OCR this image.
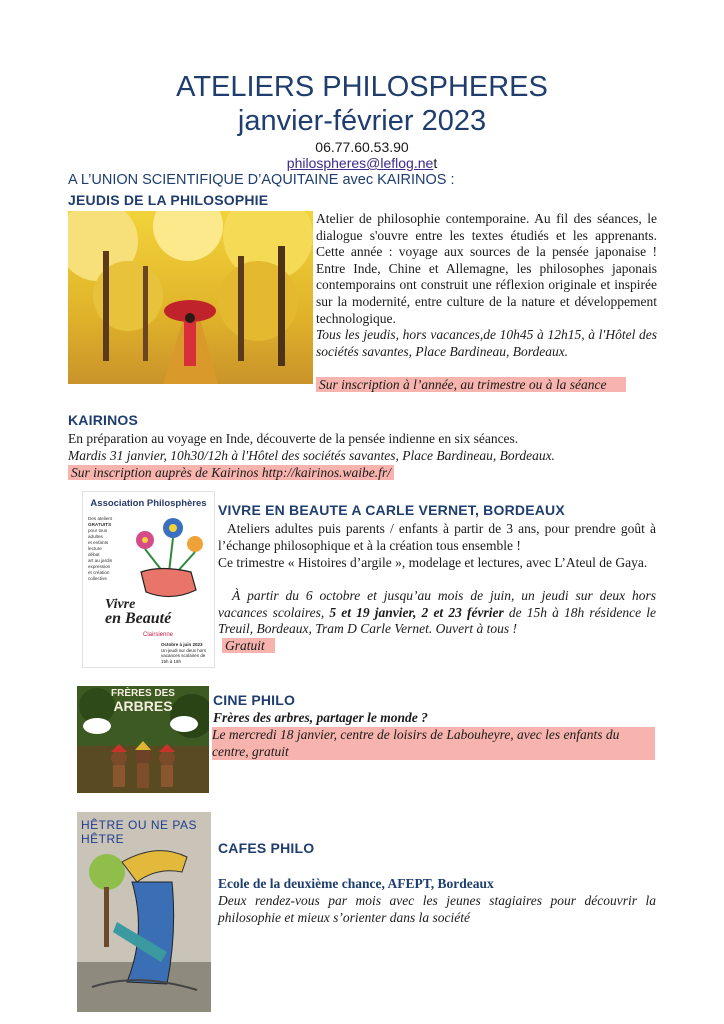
ATELIERS PHILOSPHERES
janvier-février 2023
06.77.60.53.90
philospheres@leflog.net
A L’UNION SCIENTIFIQUE D’AQUITAINE avec KAIRINOS :
JEUDIS DE LA PHILOSOPHIE
Atelier de philosophie contemporaine. Au fil des séances, le dialogue s'ouvre entre les textes étudiés et les apprenants. Cette année : voyage aux sources de la pensée japonaise ! Entre Inde, Chine et Allemagne, les philosophes japonais contemporains ont construit une réflexion originale et inspirée sur la modernité, entre culture de la nature et développement technologique.
Tous les jeudis, hors vacances,de 10h45 à 12h15, à l'Hôtel des sociétés savantes, Place Bardineau, Bordeaux.
Sur inscription à l’année, au trimestre ou à la séance
KAIRINOS
En préparation au voyage en Inde, découverte de la pensée indienne en six séances.
Mardis 31 janvier, 10h30/12h à l'Hôtel des sociétés savantes, Place Bardineau, Bordeaux.
Sur inscription auprès de Kairinos http://kairinos.waibe.fr/
Association Philosphères
Des ateliers
GRATUITS
pour tous
adultes
et enfants
lecture
débat
art au jardin
expression
et création
collective
Vivre
en Beauté
Clairsienne
Octobre à juin 2023
Un jeudi sur deux hors vacances scolaires de 15h à 18h
VIVRE EN BEAUTE A CARLE VERNET, BORDEAUX
Ateliers adultes puis parents / enfants à partir de 3 ans, pour prendre goût à l’échange philosophique et à la création tous ensemble !
Ce trimestre « Histoires d’argile », modelage et lectures, avec L’Ateul de Gaya.
À partir du 6 octobre et jusqu’au mois de juin, un jeudi sur deux hors vacances scolaires, 5 et 19 janvier, 2 et 23 février de 15h à 18h résidence le Treuil, Bordeaux, Tram D Carle Vernet. Ouvert à tous !
Gratuit
FRÈRES DES
ARBRES	CINE PHILO
Frères des arbres, partager le monde ?
Le mercredi 18 janvier, centre de loisirs de Labouheyre, avec les enfants du centre, gratuit
HÊTRE OU NE PAS HÊTRE
CAFES PHILO
Ecole de la deuxième chance, AFEPT, Bordeaux
Deux rendez-vous par mois avec les jeunes stagiaires pour découvrir la philosophie et mieux s’orienter dans la société
